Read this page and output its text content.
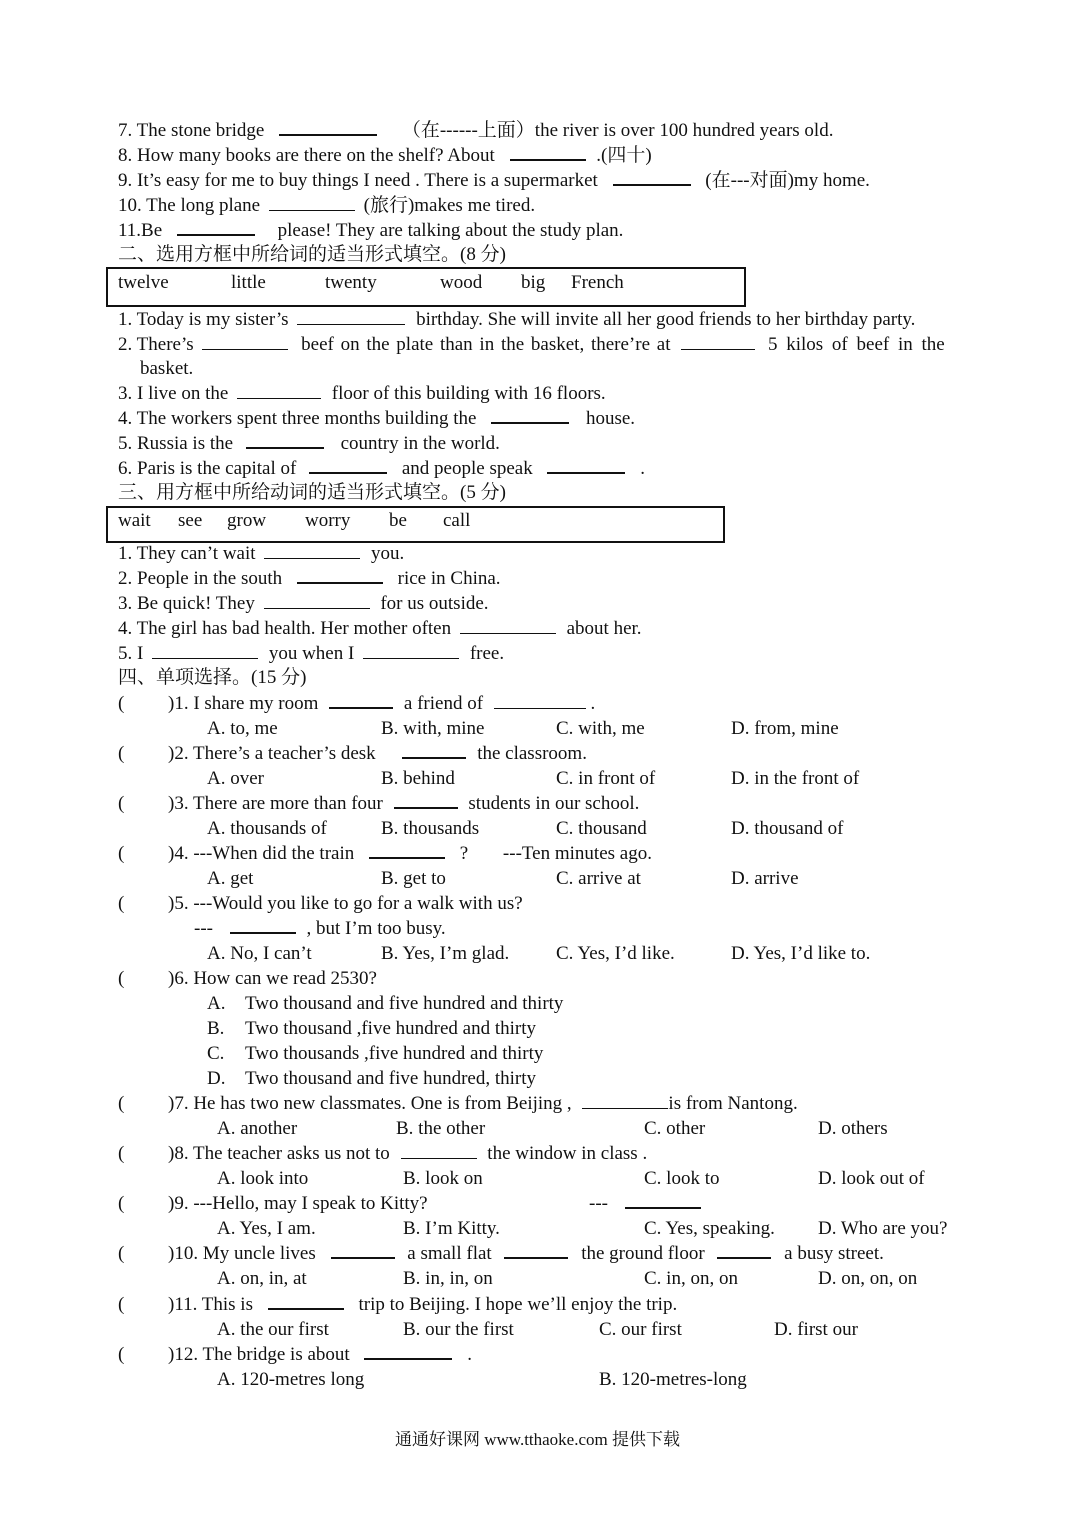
7. The stone bridge	（在------上面）the river is over 100 hundred years old.
8. How many books are there on the shelf? About	.(四十)
9. It’s easy for me to buy things I need . There is a supermarket	(在---对面)my home.
10. The long plane	(旅行)makes me tired.
11.Be	please! They are talking about the study plan.
二、选用方框中所给词的适当形式填空。(8 分)
twelve	little	twenty	wood big French
1. Today is my sister’s	birthday. She will invite all her good friends to her birthday party.
2. There’s	beef on the plate than in the basket, there’re at	5 kilos of beef in the
basket.
3. I live on the	floor of this building with 16 floors.
4. The workers spent three months building the	house.
5. Russia is the	country in the world.
6. Paris is the capital of	and people speak	.
三、用方框中所给动词的适当形式填空。(5 分)
wait see grow worry be call
1. They can’t wait	you.
2. People in the south	rice in China.
3. Be quick! They	for us outside.
4. The girl has bad health. Her mother often	about her.
5. I	you when I	free.
四、单项选择。(15 分)
( )1. I share my room	a friend of	.
A. to, me	B. with, mine	C. with, me	D. from, mine
( )2. There’s a teacher’s desk	the classroom.
A. over	B. behind	C. in front of	D. in the front of
( )3. There are more than four	students in our school.
A. thousands of	B. thousands	C. thousand	D. thousand of
( )4. ---When did the train	? ---Ten minutes ago.
A. get	B. get to	C. arrive at	D. arrive
( )5. ---Would you like to go for a walk with us?
---	, but I’m too busy.
A. No, I can’t	B. Yes, I’m glad. C. Yes, I’d like.	D. Yes, I’d like to.
( )6. How can we read 2530?
A. Two thousand and five hundred and thirty
B. Two thousand ,five hundred and thirty
C. Two thousands ,five hundred and thirty
D. Two thousand and five hundred, thirty
( )7. He has two new classmates. One is from Beijing ,	is from Nantong.
A. another	B. the other	C. other	D. others
( )8. The teacher asks us not to	the window in class .
A. look into	B. look on	C. look to	D. look out of
( )9. ---Hello, may I speak to Kitty?	---
A. Yes, I am.	B. I’m Kitty.	C. Yes, speaking. D. Who are you?
( )10. My uncle lives	a small flat	the ground floor	a busy street.
A. on, in, at	B. in, in, on	C. in, on, on	D. on, on, on
( )11. This is	trip to Beijing. I hope we’ll enjoy the trip.
A. the our first	B. our the first	C. our first	D. first our
( )12. The bridge is about	.
A. 120-metres long	B. 120-metres-long
通通好课网 www.tthaoke.com 提供下载
